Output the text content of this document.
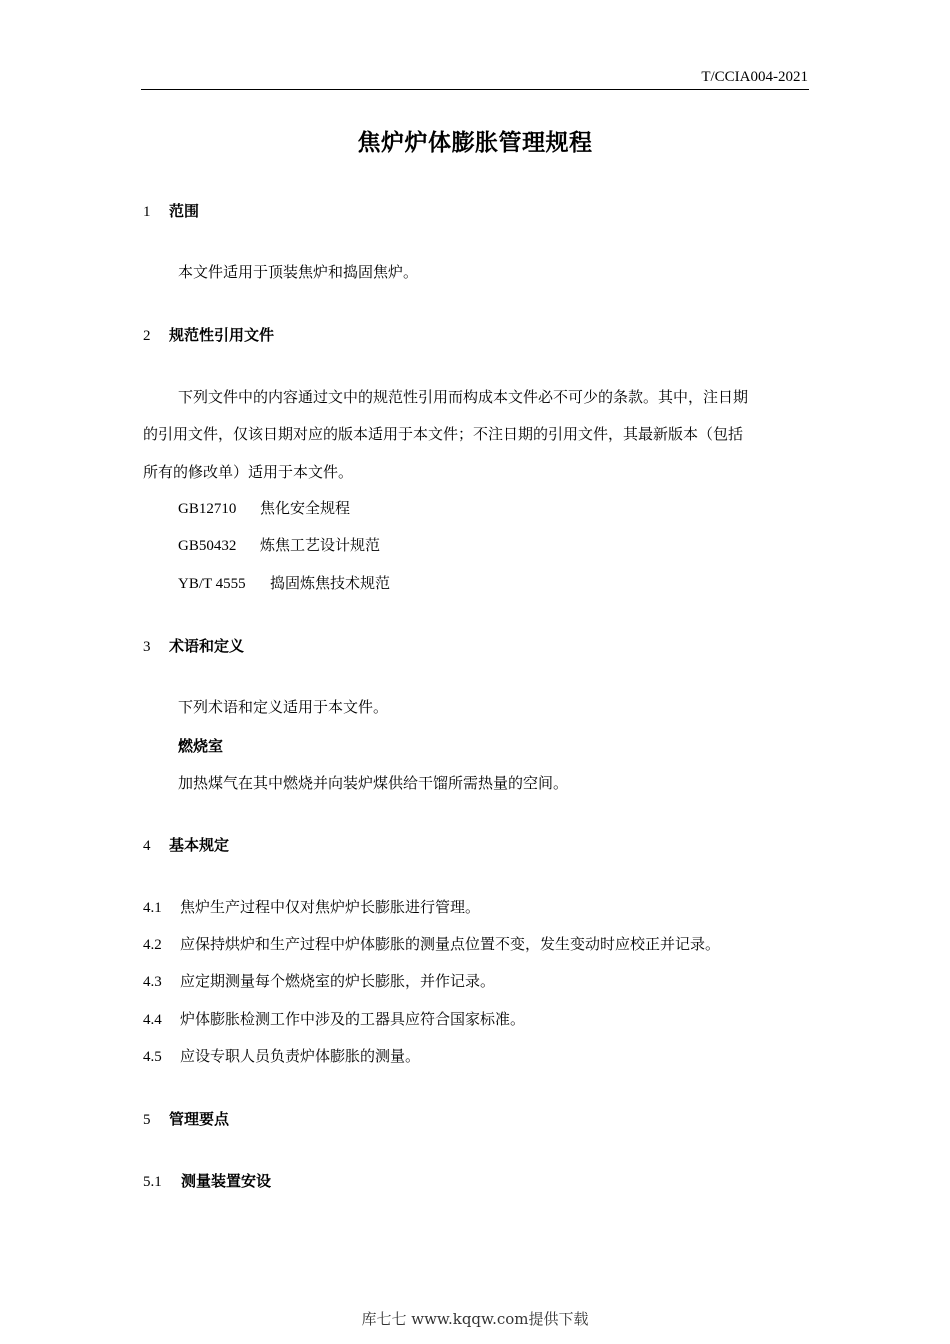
T/CCIA004-2021
焦炉炉体膨胀管理规程
1 范围
本文件适用于顶装焦炉和捣固焦炉。
2 规范性引用文件
下列文件中的内容通过文中的规范性引用而构成本文件必不可少的条款。其中，注日期
的引用文件，仅该日期对应的版本适用于本文件；不注日期的引用文件，其最新版本（包括
所有的修改单）适用于本文件。
GB12710 焦化安全规程
GB50432 炼焦工艺设计规范
YB/T 4555 捣固炼焦技术规范
3 术语和定义
下列术语和定义适用于本文件。
燃烧室
加热煤气在其中燃烧并向装炉煤供给干馏所需热量的空间。
4 基本规定
4.1 焦炉生产过程中仅对焦炉炉长膨胀进行管理。
4.2 应保持烘炉和生产过程中炉体膨胀的测量点位置不变，发生变动时应校正并记录。
4.3 应定期测量每个燃烧室的炉长膨胀，并作记录。
4.4 炉体膨胀检测工作中涉及的工器具应符合国家标准。
4.5 应设专职人员负责炉体膨胀的测量。
5 管理要点
5.1 测量装置安设
库七七 www.kqqw.com提供下载
